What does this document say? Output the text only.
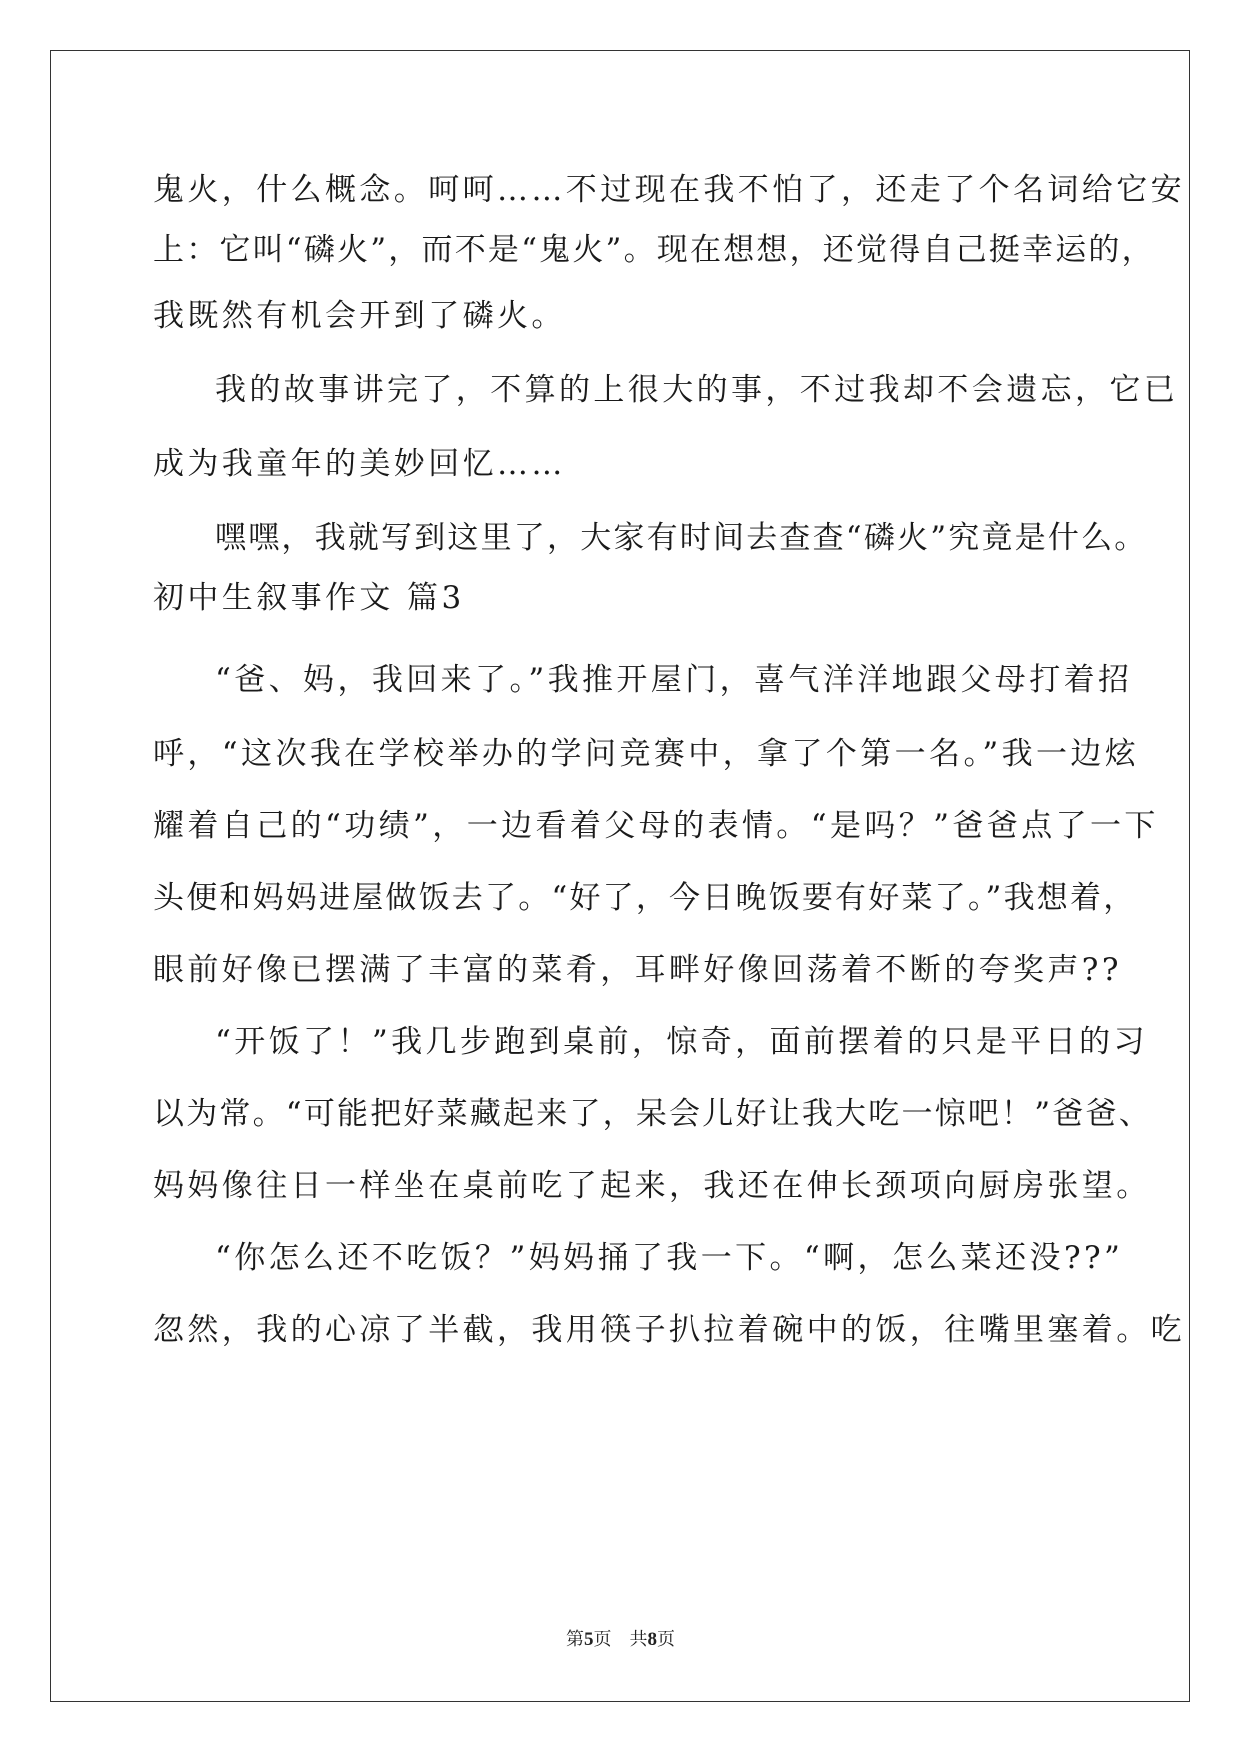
鬼火，什么概念。呵呵……不过现在我不怕了，还走了个名词给它安
上：它叫“磷火”，而不是“鬼火”。现在想想，还觉得自己挺幸运的，
我既然有机会开到了磷火。
我的故事讲完了，不算的上很大的事，不过我却不会遗忘，它已
成为我童年的美妙回忆……
嘿嘿，我就写到这里了，大家有时间去查查“磷火”究竟是什么。
初中生叙事作文 篇3
“爸、妈，我回来了。”我推开屋门，喜气洋洋地跟父母打着招
呼，“这次我在学校举办的学问竞赛中，拿了个第一名。”我一边炫
耀着自己的“功绩”，一边看着父母的表情。“是吗？”爸爸点了一下
头便和妈妈进屋做饭去了。“好了，今日晚饭要有好菜了。”我想着，
眼前好像已摆满了丰富的菜肴，耳畔好像回荡着不断的夸奖声??
“开饭了！”我几步跑到桌前，惊奇，面前摆着的只是平日的习
以为常。“可能把好菜藏起来了，呆会儿好让我大吃一惊吧！”爸爸、
妈妈像往日一样坐在桌前吃了起来，我还在伸长颈项向厨房张望。
“你怎么还不吃饭？”妈妈捅了我一下。“啊，怎么菜还没??”
忽然，我的心凉了半截，我用筷子扒拉着碗中的饭，往嘴里塞着。吃
第5页 共8页
